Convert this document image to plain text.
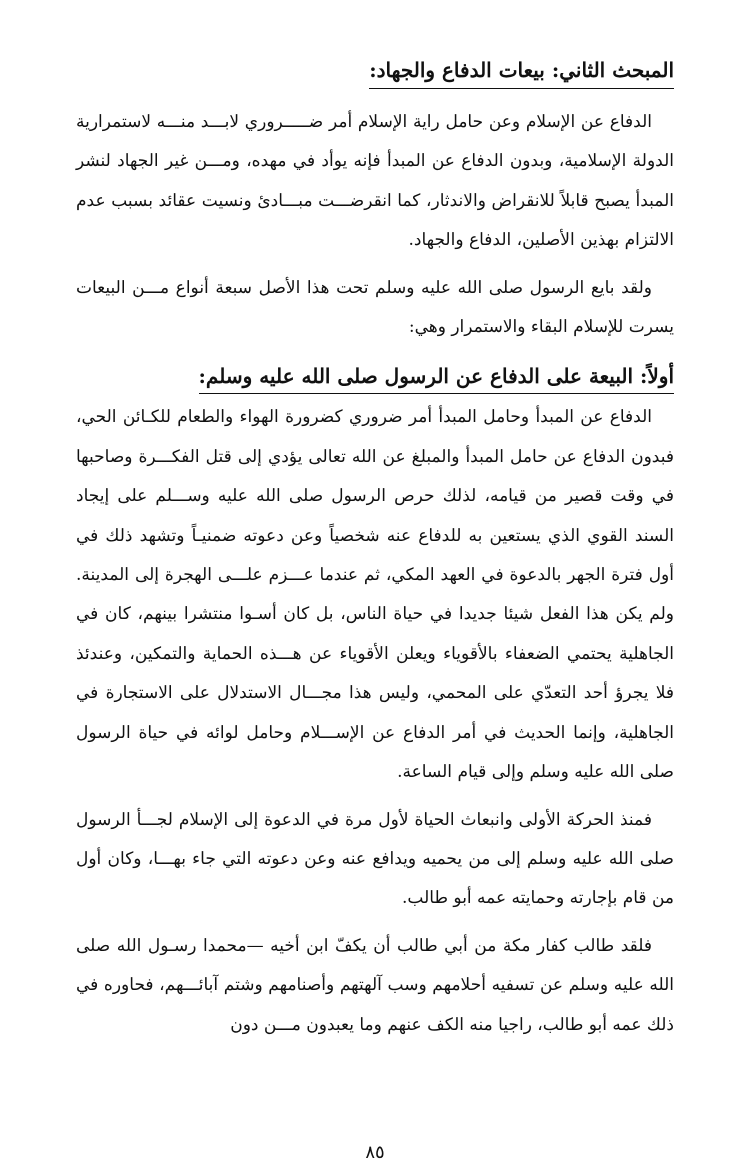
المبحث الثاني: بيعات الدفاع والجهاد:

الدفاع عن الإسلام وعن حامل راية الإسلام أمر ضـــــروري لابـــد منـــه لاستمرارية الدولة الإسلامية، وبدون الدفاع عن المبدأ فإنه يوأد في مهده، ومـــن غير الجهاد لنشر المبدأ يصبح قابلاً للانقراض والاندثار، كما انقرضـــت مبـــادئ ونسيت عقائد بسبب عدم الالتزام بهذين الأصلين، الدفاع والجهاد.

ولقد بايع الرسول صلى الله عليه وسلم تحت هذا الأصل سبعة أنواع مـــن البيعات يسرت للإسلام البقاء والاستمرار وهي:

أولاً: البيعة على الدفاع عن الرسول صلى الله عليه وسلم:

الدفاع عن المبدأ وحامل المبدأ أمر ضروري كضرورة الهواء والطعام للكـائن الحي، فبدون الدفاع عن حامل المبدأ والمبلغ عن الله تعالى يؤدي إلى قتل الفكـــرة وصاحبها في وقت قصير من قيامه، لذلك حرص الرسول صلى الله عليه وســـلم على إيجاد السند القوي الذي يستعين به للدفاع عنه شخصياً وعن دعوته ضمنيـاً وتشهد ذلك في أول فترة الجهر بالدعوة في العهد المكي، ثم عندما عـــزم علـــى الهجرة إلى المدينة. ولم يكن هذا الفعل شيئا جديدا في حياة الناس، بل كان أسـوا منتشرا بينهم، كان في الجاهلية يحتمي الضعفاء بالأقوياء ويعلن الأقوياء عن هـــذه الحماية والتمكين، وعندئذ فلا يجرؤ أحد التعدّي على المحمي، وليس هذا مجـــال الاستدلال على الاستجارة في الجاهلية، وإنما الحديث في أمر الدفاع عن الإســـلام وحامل لوائه في حياة الرسول صلى الله عليه وسلم وإلى قيام الساعة.

فمنذ الحركة الأولى وانبعاث الحياة لأول مرة في الدعوة إلى الإسلام لجـــأ الرسول صلى الله عليه وسلم إلى من يحميه ويدافع عنه وعن دعوته التي جاء بهـــا، وكان أول من قام بإجارته وحمايته عمه أبو طالب.

فلقد طالب كفار مكة من أبي طالب أن يكفّ ابن أخيه —محمدا رسـول الله صلى الله عليه وسلم عن تسفيه أحلامهم وسب آلهتهم وأصنامهم وشتم آبائـــهم، فحاوره في ذلك عمه أبو طالب، راجيا منه الكف عنهم وما يعبدون مـــن دون

٨٥
